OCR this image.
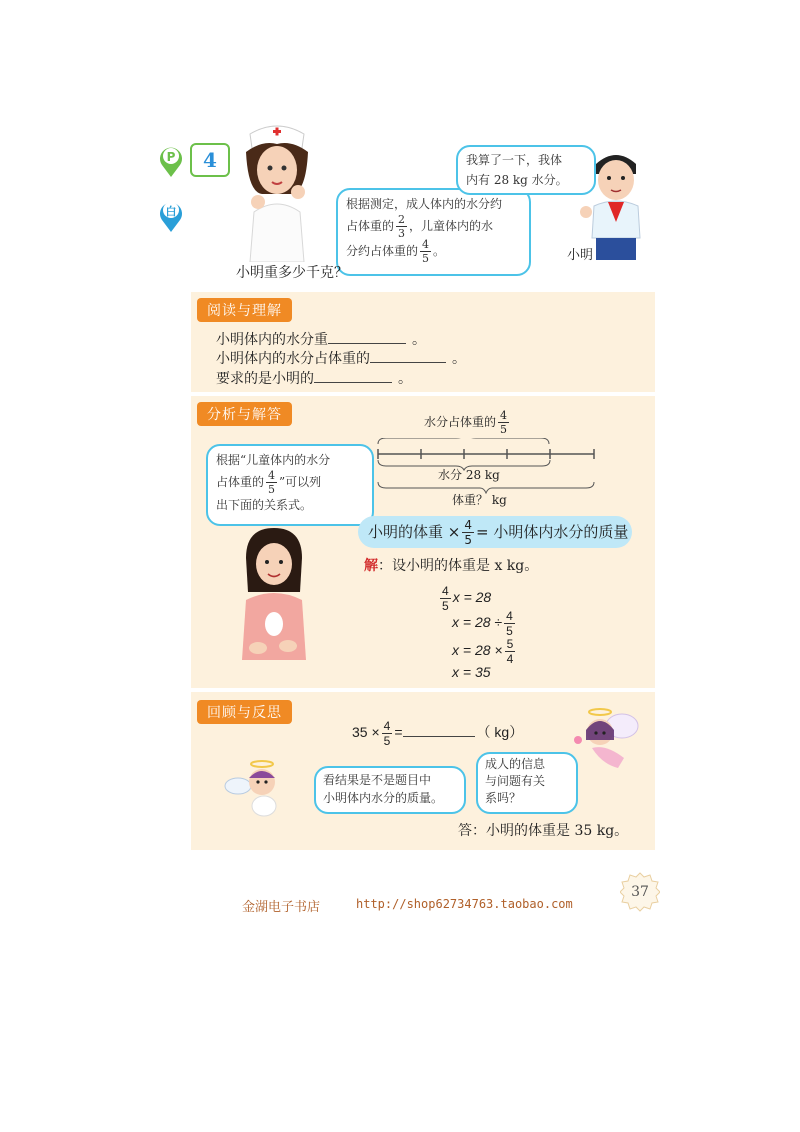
P	4
白
根据测定，成人体内的水分约
占体重的 $\frac{2}{3}$ ，儿童体内的水
分约占体重的 $\frac{4}{5}$ 。
我算了一下，我体
内有 28 kg 水分。
小明
小明重多少千克？
阅读与理解
小明体内的水分重	。
小明体内的水分占体重的	。
要求的是小明的	。
分析与解答	水分占体重的 $\frac{4}{5}$
水分 28 kg
体重？ kg
根据“儿童体内的水分
占体重的 $\frac{4}{5}$ ”可以列
出下面的关系式。
小明的体重 × $\frac{4}{5}$ = 小明体内水分的质量
解：设小明的体重是 x kg。
$\frac{4}{5}$ x = 28
$x = 28 \div \frac{4}{5}$
$x = 28 \times \frac{5}{4}$
x = 35
回顾与反思
$35 \times \frac{4}{5}$ =	（ kg）
看结果是不是题目中
小明体内水分的质量。
成人的信息
与问题有关
系吗？
答：小明的体重是 35 kg。
金湖电子书店	http://shop62734763.taobao.com
37
